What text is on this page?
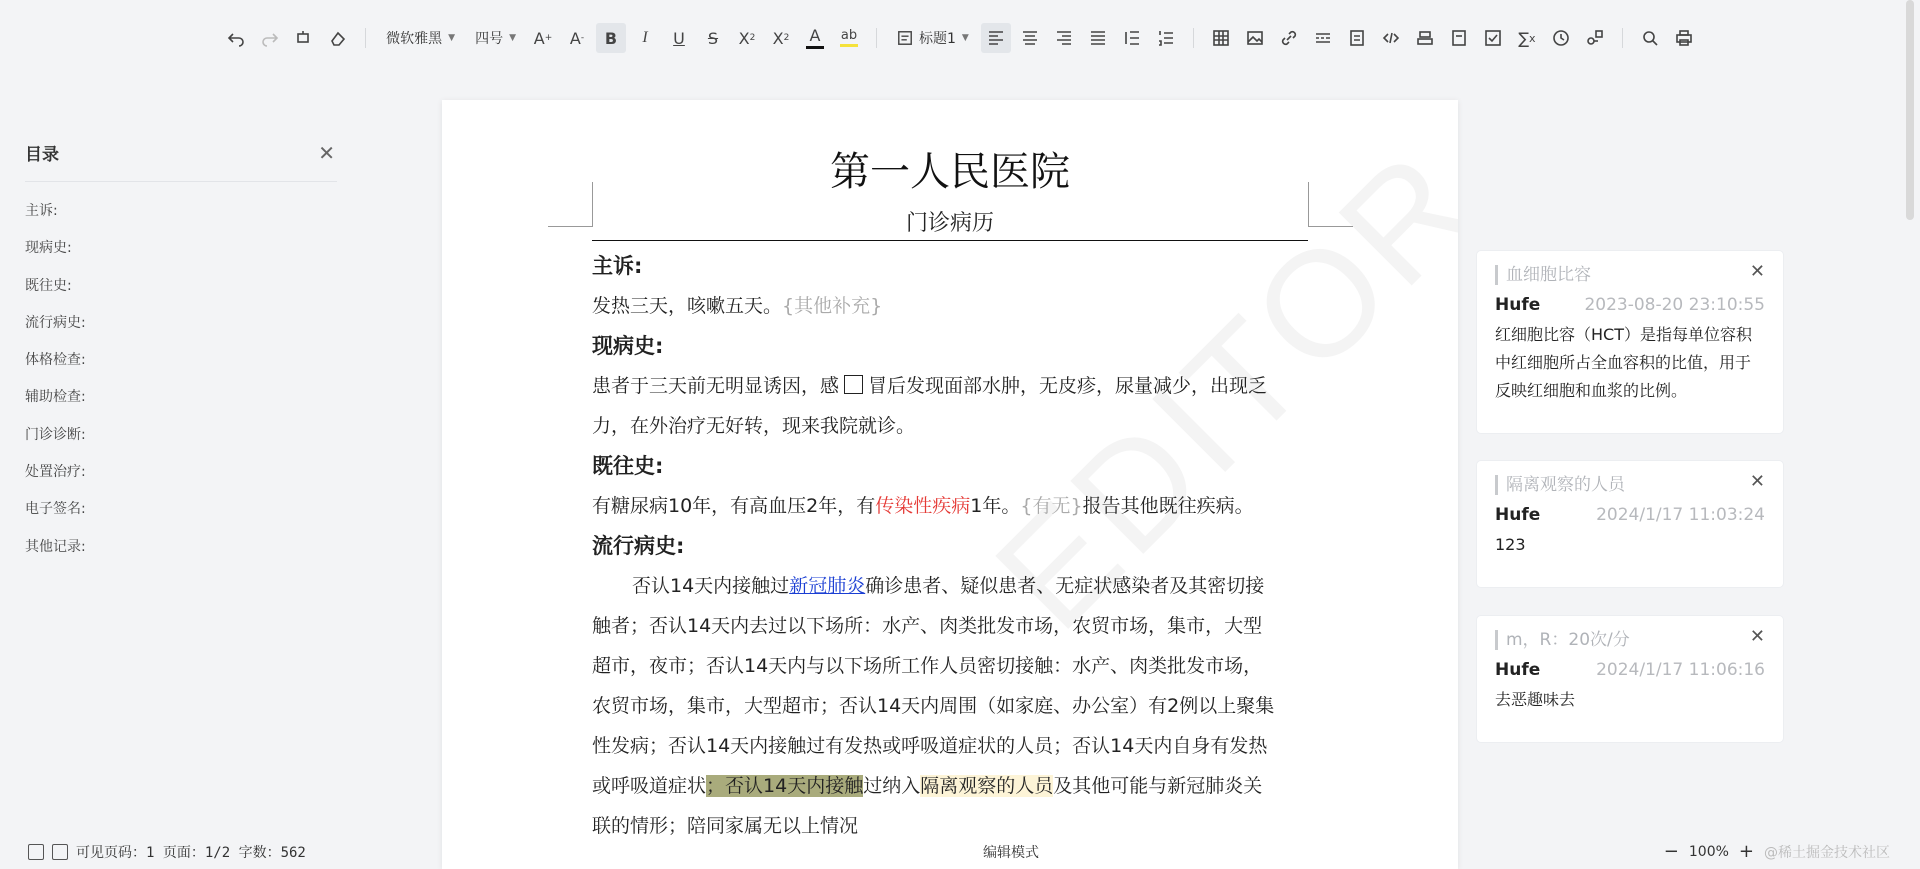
微软雅黑 ▼ 四号 ▼	A +	A - B I U S	X 2	X 2 A ab	标题1 ▼	∑ x
目录	✕
主诉:
现病史:
既往史:
流行病史:
体格检查:
辅助检查:
门诊诊断:
处置治疗:
电子签名:
其他记录:
第一人民医院
门诊病历

主诉:

发热三天，咳嗽五天。{其他补充}

现病史:

患者于三天前无明显诱因，感 冒后发现面部水肿，无皮疹，尿量减少，出现乏

力，在外治疗无好转，现来我院就诊。

既往史:

有糖尿病10年，有高血压2年，有传染性疾病1年。{有无}报告其他既往疾病。

流行病史:

否认14天内接触过新冠肺炎确诊患者、疑似患者、无症状感染者及其密切接

触者；否认14天内去过以下场所：水产、肉类批发市场，农贸市场，集市，大型

超市，夜市；否认14天内与以下场所工作人员密切接触：水产、肉类批发市场，

农贸市场，集市，大型超市；否认14天内周围（如家庭、办公室）有2例以上聚集

性发病；否认14天内接触过有发热或呼吸道症状的人员；否认14天内自身有发热

或呼吸道症状；否认14天内接触过纳入隔离观察的人员及其他可能与新冠肺炎关

联的情形；陪同家属无以上情况

✕
血细胞比容
Hufe	2023-08-20 23:10:55
红细胞比容（HCT）是指每单位容积中红细胞所占全血容积的比值，用于反映红细胞和血浆的比例。
✕
隔离观察的人员
Hufe	2024/1/17 11:03:24
123
✕
m，R：20次/分
Hufe	2024/1/17 11:06:16
去恶趣味去
可见页码：1 页面：1/2 字数：562	编辑模式	− 100% + @稀土掘金技术社区
